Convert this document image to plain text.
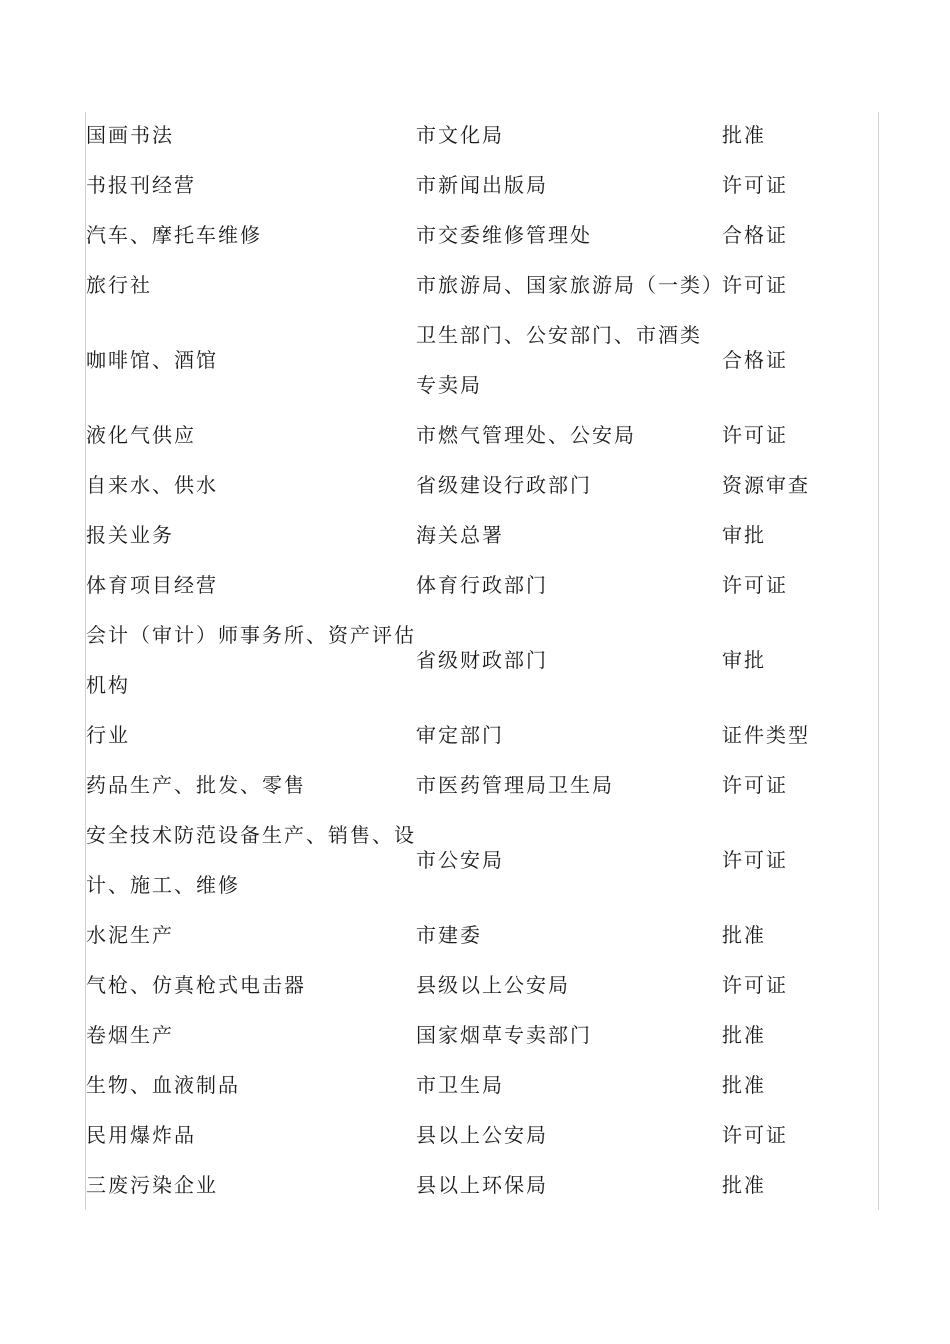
国画书法	市文化局	批准
书报刊经营	市新闻出版局	许可证
汽车、摩托车维修	市交委维修管理处	合格证
旅行社	市旅游局、国家旅游局（一类）	许可证
咖啡馆、酒馆	卫生部门、公安部门、市酒类专卖局	合格证
液化气供应	市燃气管理处、公安局	许可证
自来水、供水	省级建设行政部门	资源审查
报关业务	海关总署	审批
体育项目经营	体育行政部门	许可证
会计（审计）师事务所、资产评估机构	省级财政部门	审批
行业	审定部门	证件类型
药品生产、批发、零售	市医药管理局卫生局	许可证
安全技术防范设备生产、销售、设计、施工、维修	市公安局	许可证
水泥生产	市建委	批准
气枪、仿真枪式电击器	县级以上公安局	许可证
卷烟生产	国家烟草专卖部门	批准
生物、血液制品	市卫生局	批准
民用爆炸品	县以上公安局	许可证
三废污染企业	县以上环保局	批准
